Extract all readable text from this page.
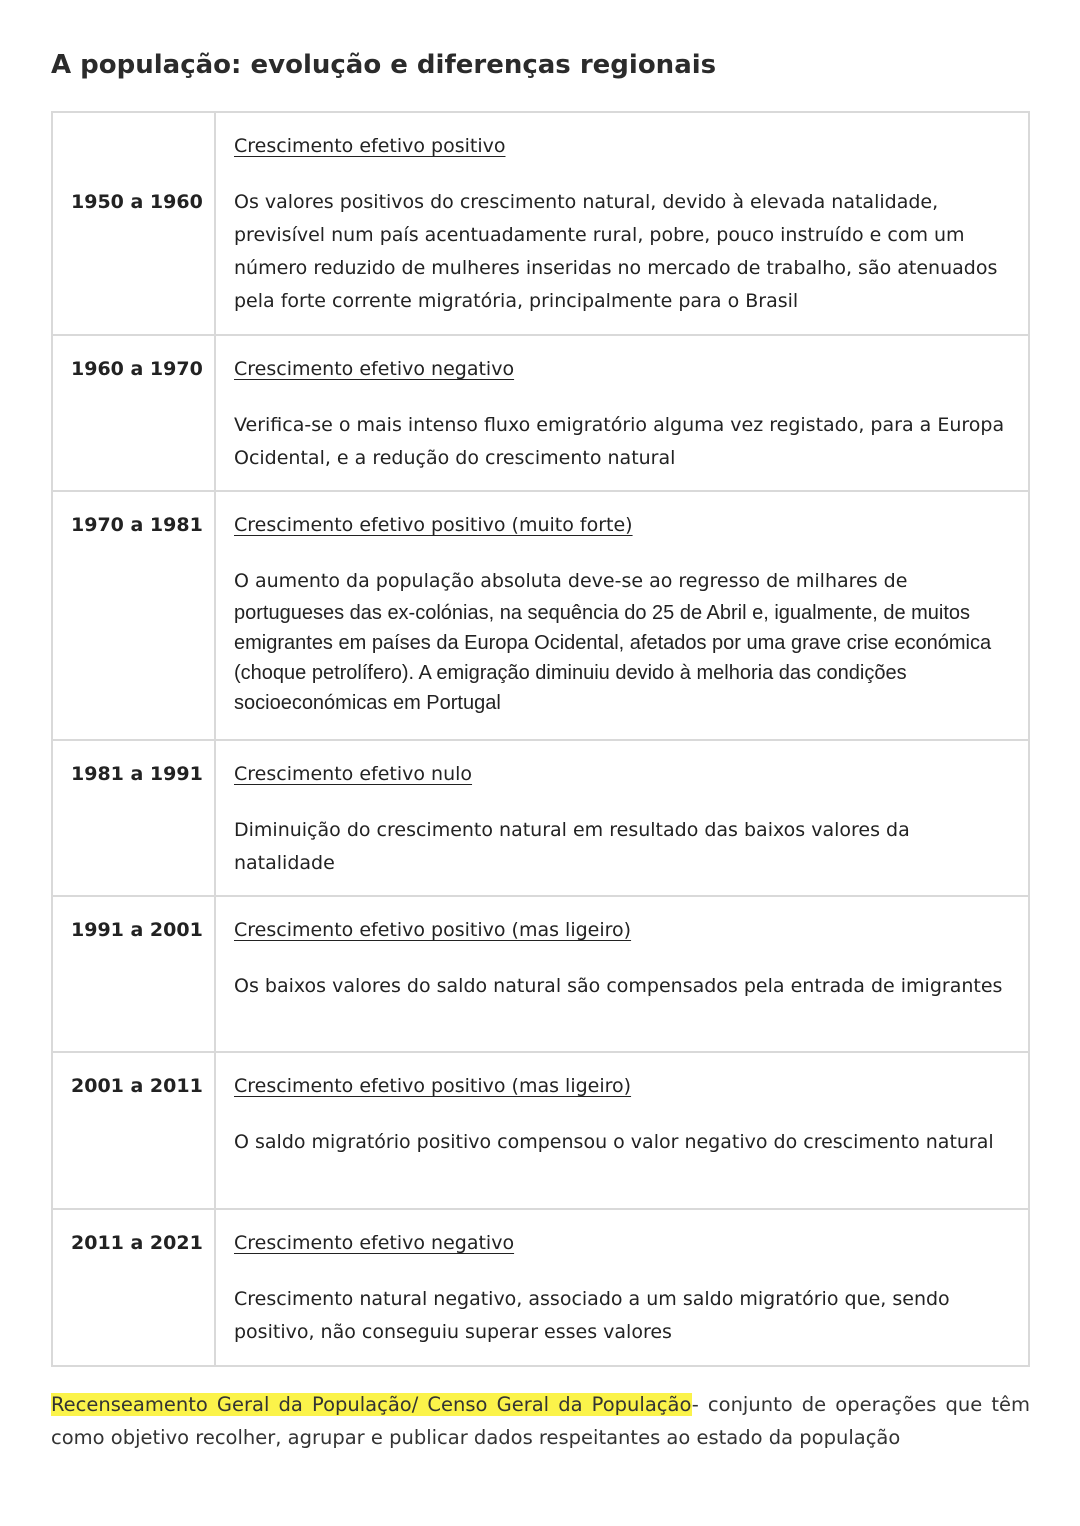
A população: evolução e diferenças regionais
1950 a 1960	Crescimento efetivo positivo
Os valores positivos do crescimento natural, devido à elevada natalidade, previsível num país acentuadamente rural, pobre, pouco instruído e com um número reduzido de mulheres inseridas no mercado de trabalho, são atenuados pela forte corrente migratória, principalmente para o Brasil

1960 a 1970	Crescimento efetivo negativo
Verifica-se o mais intenso fluxo emigratório alguma vez registado, para a Europa Ocidental, e a redução do crescimento natural

1970 a 1981	Crescimento efetivo positivo (muito forte)
O aumento da população absoluta deve-se ao regresso de milhares de
portugueses das ex-colónias, na sequência do 25 de Abril e, igualmente, de muitos emigrantes em países da Europa Ocidental, afetados por uma grave crise económica (choque petrolífero). A emigração diminuiu devido à melhoria das condições socioeconómicas em Portugal

1981 a 1991	Crescimento efetivo nulo
Diminuição do crescimento natural em resultado das baixos valores da natalidade

1991 a 2001	Crescimento efetivo positivo (mas ligeiro)
Os baixos valores do saldo natural são compensados pela entrada de imigrantes

2001 a 2011	Crescimento efetivo positivo (mas ligeiro)
O saldo migratório positivo compensou o valor negativo do crescimento natural

2011 a 2021	Crescimento efetivo negativo
Crescimento natural negativo, associado a um saldo migratório que, sendo positivo, não conseguiu superar esses valores
Recenseamento Geral da População/ Censo Geral da População- conjunto de operações que têm como objetivo recolher, agrupar e publicar dados respeitantes ao estado da população
